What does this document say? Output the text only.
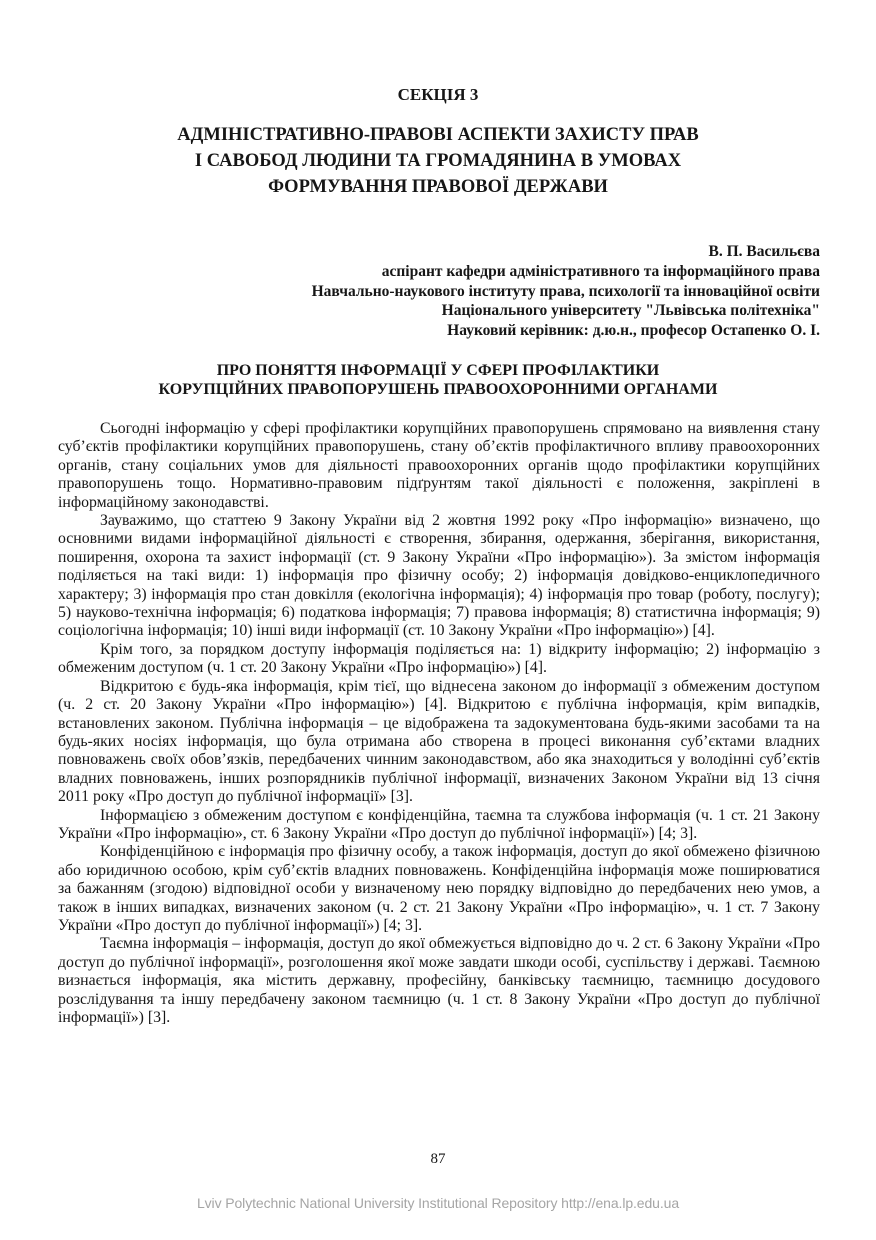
СЕКЦІЯ 3
АДМІНІСТРАТИВНО-ПРАВОВІ АСПЕКТИ ЗАХИСТУ ПРАВ
І САВОБОД ЛЮДИНИ ТА ГРОМАДЯНИНА В УМОВАХ
ФОРМУВАННЯ ПРАВОВОЇ ДЕРЖАВИ
В. П. Васильєва
аспірант кафедри адміністративного та інформаційного права
Навчально-наукового інституту права, психології та інноваційної освіти
Національного університету "Львівська політехніка"
Науковий керівник: д.ю.н., професор Остапенко О. І.
ПРО ПОНЯТТЯ ІНФОРМАЦІЇ У СФЕРІ ПРОФІЛАКТИКИ
КОРУПЦІЙНИХ ПРАВОПОРУШЕНЬ ПРАВООХОРОННИМИ ОРГАНАМИ

Сьогодні інформацію у сфері профілактики корупційних правопорушень спрямовано на виявлення стану суб’єктів профілактики корупційних правопорушень, стану об’єктів профілактичного впливу правоохоронних органів, стану соціальних умов для діяльності правоохоронних органів щодо профілактики корупційних правопорушень тощо. Нормативно-правовим підґрунтям такої діяльності є положення, закріплені в інформаційному законодавстві.

Зауважимо, що статтею 9 Закону України від 2 жовтня 1992 року «Про інформацію» визначено, що основними видами інформаційної діяльності є створення, збирання, одержання, зберігання, використання, поширення, охорона та захист інформації (ст. 9 Закону України «Про інформацію»). За змістом інформація поділяється на такі види: 1) інформація про фізичну особу; 2) інформація довідково-енциклопедичного характеру; 3) інформація про стан довкілля (екологічна інформація); 4) інформація про товар (роботу, послугу); 5) науково-технічна інформація; 6) податкова інформація; 7) правова інформація; 8) статистична інформація; 9) соціологічна інформація; 10) інші види інформації (ст. 10 Закону України «Про інформацію») [4].

Крім того, за порядком доступу інформація поділяється на: 1) відкриту інформацію; 2) інформацію з обмеженим доступом (ч. 1 ст. 20 Закону України «Про інформацію») [4].

Відкритою є будь-яка інформація, крім тієї, що віднесена законом до інформації з обмеженим доступом (ч. 2 ст. 20 Закону України «Про інформацію») [4]. Відкритою є публічна інформація, крім випадків, встановлених законом. Публічна інформація – це відображена та задокументована будь-якими засобами та на будь-яких носіях інформація, що була отримана або створена в процесі виконання суб’єктами владних повноважень своїх обов’язків, передбачених чинним законодавством, або яка знаходиться у володінні суб’єктів владних повноважень, інших розпорядників публічної інформації, визначених Законом України від 13 січня 2011 року «Про доступ до публічної інформації» [3].

Інформацією з обмеженим доступом є конфіденційна, таємна та службова інформація (ч. 1 ст. 21 Закону України «Про інформацію», ст. 6 Закону України «Про доступ до публічної інформації») [4; 3].

Конфіденційною є інформація про фізичну особу, а також інформація, доступ до якої обмежено фізичною або юридичною особою, крім суб’єктів владних повноважень. Конфіденційна інформація може поширюватися за бажанням (згодою) відповідної особи у визначеному нею порядку відповідно до передбачених нею умов, а також в інших випадках, визначених законом (ч. 2 ст. 21 Закону України «Про інформацію», ч. 1 ст. 7 Закону України «Про доступ до публічної інформації») [4; 3].

Таємна інформація – інформація, доступ до якої обмежується відповідно до ч. 2 ст. 6 Закону України «Про доступ до публічної інформації», розголошення якої може завдати шкоди особі, суспільству і державі. Таємною визнається інформація, яка містить державну, професійну, банківську таємницю, таємницю досудового розслідування та іншу передбачену законом таємницю (ч. 1 ст. 8 Закону України «Про доступ до публічної інформації») [3].

87
Lviv Polytechnic National University Institutional Repository http://ena.lp.edu.ua
